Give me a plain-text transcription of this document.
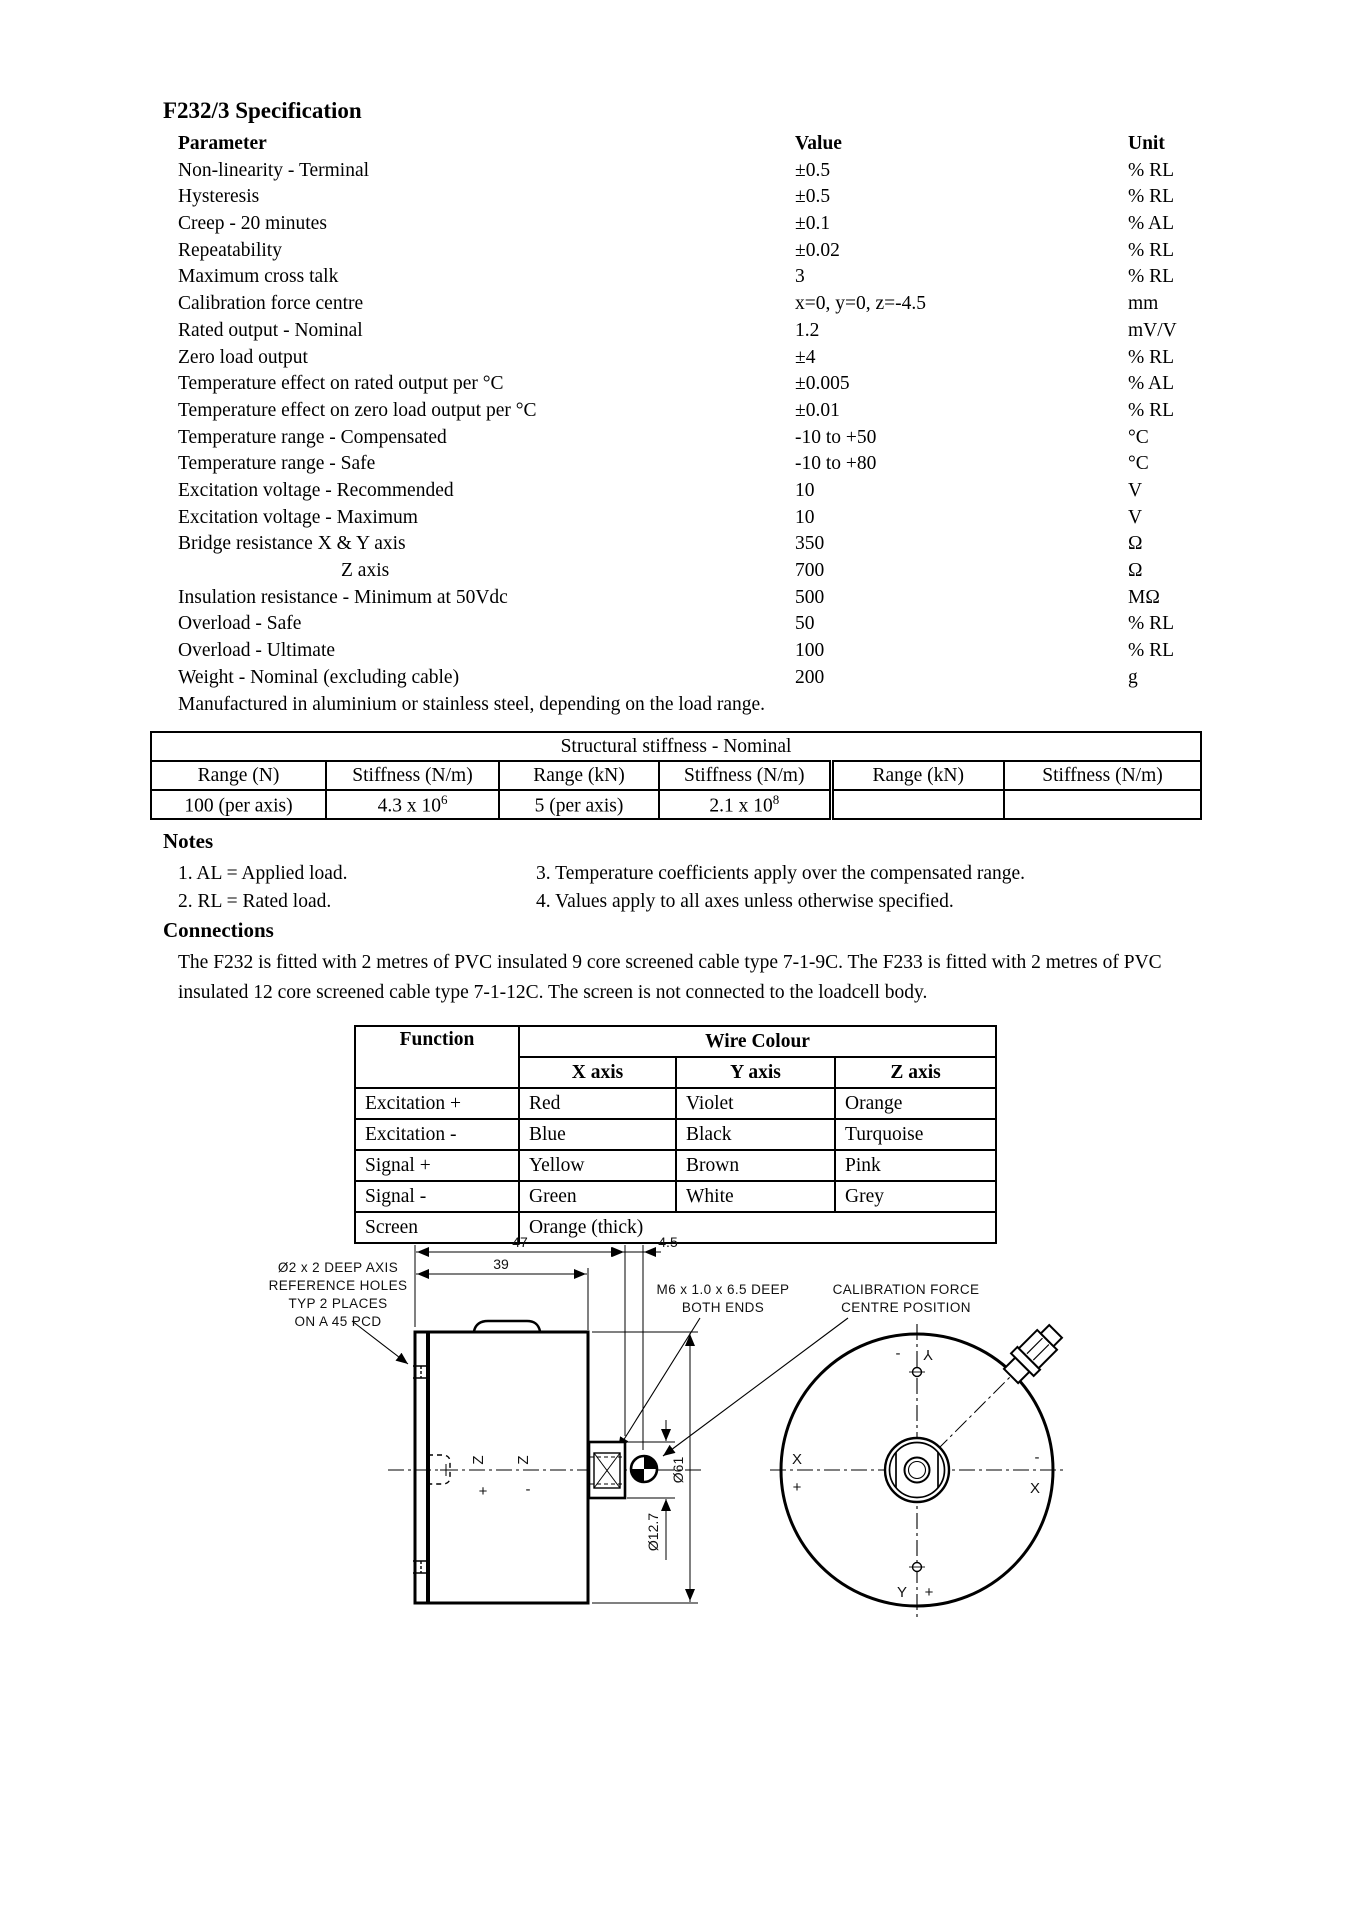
F232/3 Specification
Parameter	Value	Unit
Non-linearity - Terminal	±0.5	% RL
Hysteresis	±0.5	% RL
Creep - 20 minutes	±0.1	% AL
Repeatability	±0.02	% RL
Maximum cross talk	3	% RL
Calibration force centre	x=0, y=0, z=-4.5	mm
Rated output - Nominal	1.2	mV/V
Zero load output	±4	% RL
Temperature effect on rated output per °C	±0.005	% AL
Temperature effect on zero load output per °C	±0.01	% RL
Temperature range - Compensated	-10 to +50	°C
Temperature range - Safe	-10 to +80	°C
Excitation voltage - Recommended	10	V
Excitation voltage - Maximum	10	V
Bridge resistance X & Y axis	350	Ω
Z axis	700	Ω
Insulation resistance - Minimum at 50Vdc	500	MΩ
Overload - Safe	50	% RL
Overload - Ultimate	100	% RL
Weight - Nominal (excluding cable)	200	g
Manufactured in aluminium or stainless steel, depending on the load range.
Structural stiffness - Nominal					
Range (N)	Stiffness (N/m)	Range (kN)	Stiffness (N/m)	Range (kN)	Stiffness (N/m)
100 (per axis)	4.3 x $10^6$	5 (per axis)	2.1 x $10^8$		
Notes
1. AL = Applied load.
2. RL = Rated load.
3. Temperature coefficients apply over the compensated range.
4. Values apply to all axes unless otherwise specified.
Connections
The F232 is fitted with 2 metres of PVC insulated 9 core screened cable type 7-1-9C. The F233 is fitted with 2 metres of PVC insulated 12 core screened cable type 7-1-12C. The screen is not connected to the loadcell body.
Function	Wire Colour		
	X axis	Y axis	Z axis
Excitation +	Red	Violet	Orange
Excitation -	Blue	Black	Turquoise
Signal +	Yellow	Brown	Pink
Signal -	Green	White	Grey
Screen	Orange (thick)		
Ø2 x 2 DEEP AXIS
REFERENCE HOLES
TYP 2 PLACES
ON A 45 PCD
M6 x 1.0 x 6.5 DEEP
BOTH ENDS
CALIBRATION FORCE
CENTRE POSITION
Z
+
Z
-
47
39
4.5
Ø61
Ø12.7
- Y
X
+
-
X
Y +
